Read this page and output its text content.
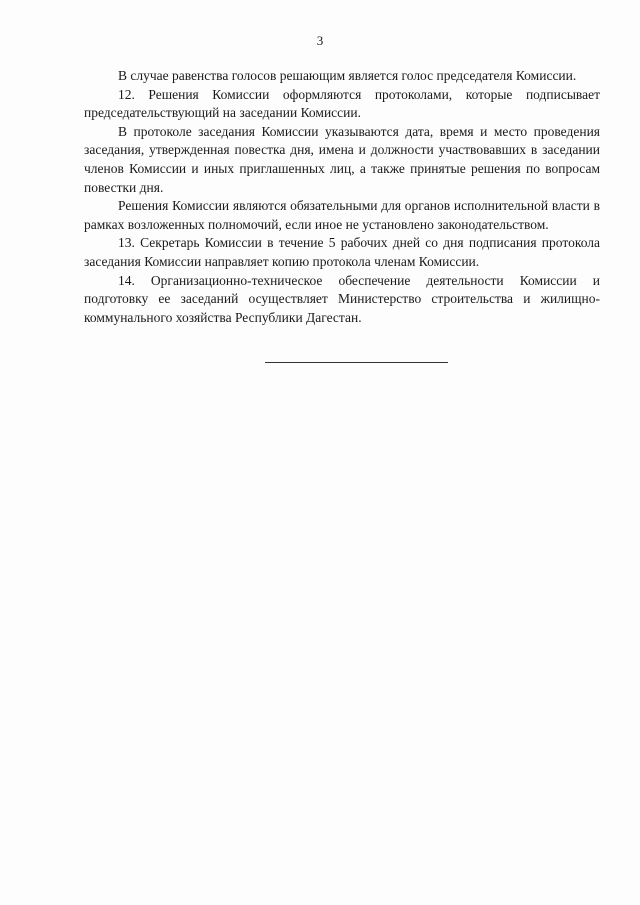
3

В случае равенства голосов решающим является голос председателя Комиссии.

12. Решения Комиссии оформляются протоколами, которые подписывает председательствующий на заседании Комиссии.

В протоколе заседания Комиссии указываются дата, время и место проведения заседания, утвержденная повестка дня, имена и должности участвовавших в заседании членов Комиссии и иных приглашенных лиц, а также принятые решения по вопросам повестки дня.

Решения Комиссии являются обязательными для органов исполнительной власти в рамках возложенных полномочий, если иное не установлено законодательством.

13. Секретарь Комиссии в течение 5 рабочих дней со дня подписания протокола заседания Комиссии направляет копию протокола членам Комиссии.

14. Организационно-техническое обеспечение деятельности Комиссии и подготовку ее заседаний осуществляет Министерство строительства и жилищно-коммунального хозяйства Республики Дагестан.
